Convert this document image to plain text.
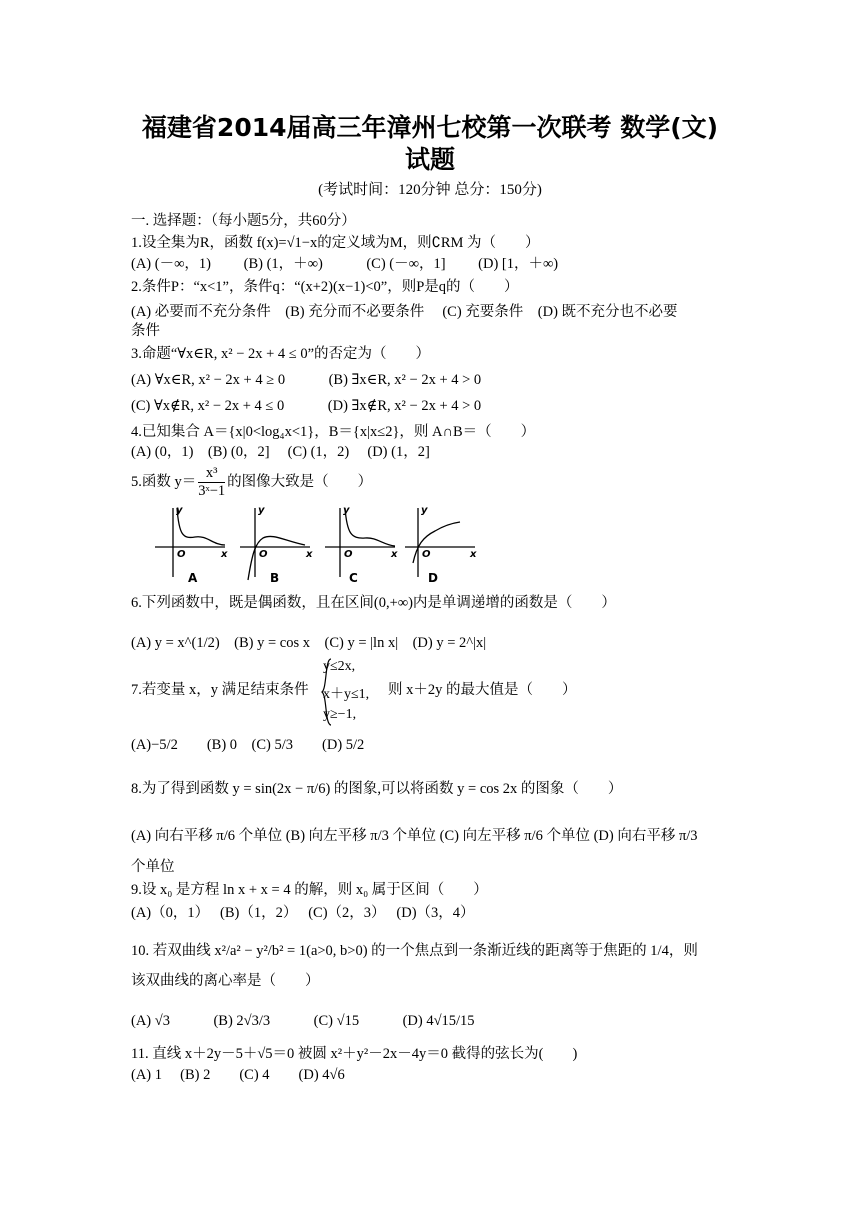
福建省2014届高三年漳州七校第一次联考 数学(文)
试题
(考试时间：120分钟 总分：150分)
一. 选择题：（每小题5分，共60分）
1.设全集为R，函数 f(x)=√1−x的定义域为M，则∁RM 为（　　）
(A) (－∞，1)　　 (B) (1，＋∞)　　　(C) (－∞，1]　　 (D) [1，＋∞)
2.条件P：“x<1”，条件q：“(x+2)(x−1)<0”，则P是q的（　　）
(A) 必要而不充分条件　(B) 充分而不必要条件　 (C) 充要条件　(D) 既不充分也不必要
条件
3.命题“∀x∈R, x² − 2x + 4 ≤ 0”的否定为（　　）
(A) ∀x∈R, x² − 2x + 4 ≥ 0　　　(B) ∃x∈R, x² − 2x + 4 > 0
(C) ∀x∉R, x² − 2x + 4 ≤ 0　　　(D) ∃x∉R, x² − 2x + 4 > 0
4.已知集合 A＝{x|0<log₄x<1}，B＝{x|x≤2}，则 A∩B＝（　　）
(A) (0，1)　(B) (0，2]　 (C) (1，2)　 (D) (1，2]
5.函数 $y= \frac{\text{x³}}{\text{3ˣ−1}}$ 的图像大致是（　　）
y
O	x
y
O	x
y
O	x
y
O	x
A	B	C	D
6.下列函数中，既是偶函数，且在区间(0,+∞)内是单调递增的函数是（　　）
(A) y = x^(1/2)　(B) y = cos x　(C) y = |ln x|　(D) y = 2^|x|
7.若变量 x，y 满足结束条件
y≤2x,
x＋y≤1,
y≥−1,
则 x＋2y 的最大值是（　　）
(A)−5/2　　(B) 0　(C) 5/3　　(D) 5/2
8.为了得到函数 y = sin(2x − π/6) 的图象,可以将函数 y = cos 2x 的图象（　　）
(A) 向右平移 π/6 个单位 (B) 向左平移 π/3 个单位 (C) 向左平移 π/6 个单位 (D) 向右平移 π/3
个单位
9.设 x₀ 是方程 ln x + x = 4 的解，则 x₀ 属于区间（　　）
(A)（0，1）　 (B)（1，2）　 (C)（2，3）　 (D)（3，4）
10. 若双曲线 x²/a² − y²/b² = 1(a>0, b>0) 的一个焦点到一条渐近线的距离等于焦距的 1/4，则
该双曲线的离心率是（　　）
(A) √3　　　(B) 2√3/3　　　(C) √15　　　(D) 4√15/15
11. 直线 x＋2y－5＋√5＝0 被圆 x²＋y²－2x－4y＝0 截得的弦长为(　　)
(A) 1　 (B) 2　　(C) 4　　(D) 4√6
